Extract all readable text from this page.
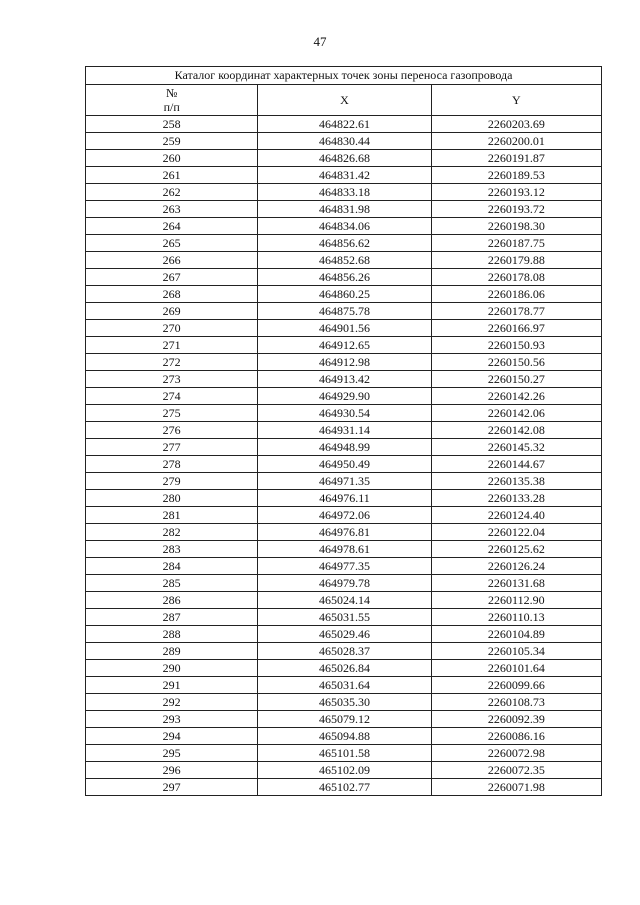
47
Каталог координат характерных точек зоны переноса газопровода		
№
п/п	X	Y
258	464822.61	2260203.69
259	464830.44	2260200.01
260	464826.68	2260191.87
261	464831.42	2260189.53
262	464833.18	2260193.12
263	464831.98	2260193.72
264	464834.06	2260198.30
265	464856.62	2260187.75
266	464852.68	2260179.88
267	464856.26	2260178.08
268	464860.25	2260186.06
269	464875.78	2260178.77
270	464901.56	2260166.97
271	464912.65	2260150.93
272	464912.98	2260150.56
273	464913.42	2260150.27
274	464929.90	2260142.26
275	464930.54	2260142.06
276	464931.14	2260142.08
277	464948.99	2260145.32
278	464950.49	2260144.67
279	464971.35	2260135.38
280	464976.11	2260133.28
281	464972.06	2260124.40
282	464976.81	2260122.04
283	464978.61	2260125.62
284	464977.35	2260126.24
285	464979.78	2260131.68
286	465024.14	2260112.90
287	465031.55	2260110.13
288	465029.46	2260104.89
289	465028.37	2260105.34
290	465026.84	2260101.64
291	465031.64	2260099.66
292	465035.30	2260108.73
293	465079.12	2260092.39
294	465094.88	2260086.16
295	465101.58	2260072.98
296	465102.09	2260072.35
297	465102.77	2260071.98
